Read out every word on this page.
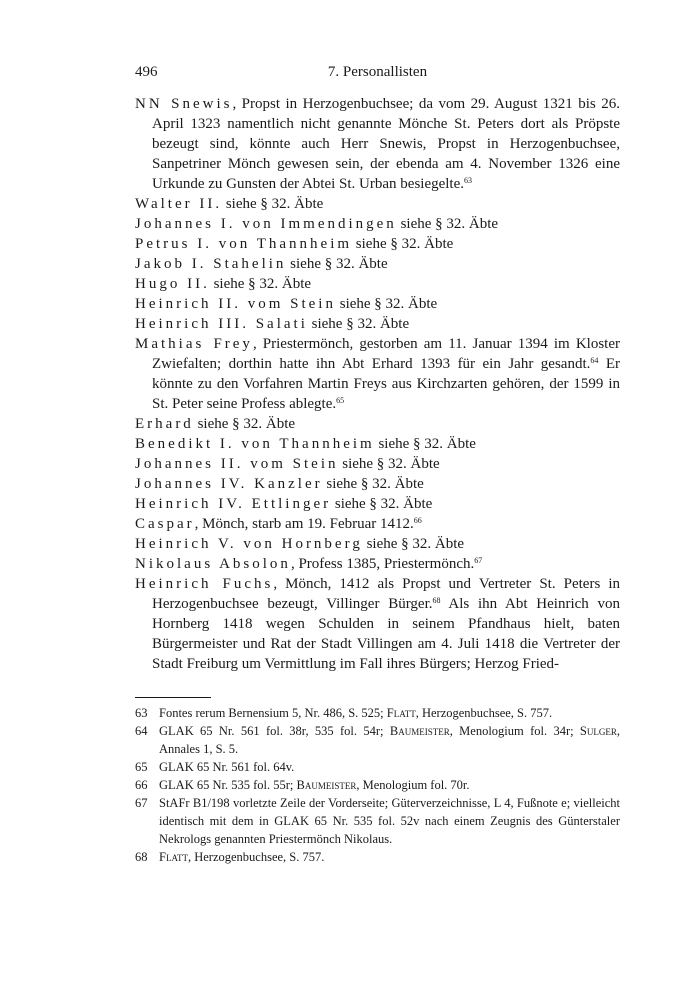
496	7. Personallisten

NN Snewis, Propst in Herzogenbuchsee; da vom 29. August 1321 bis 26. April 1323 namentlich nicht genannte Mönche St. Peters dort als Pröpste bezeugt sind, könnte auch Herr Snewis, Propst in Herzogenbuchsee, Sanpetriner Mönch gewesen sein, der ebenda am 4. November 1326 eine Urkunde zu Gunsten der Abtei St. Urban besiegelte.$^{63}$

Walter II. siehe § 32. Äbte

Johannes I. von Immendingen siehe § 32. Äbte

Petrus I. von Thannheim siehe § 32. Äbte

Jakob I. Stahelin siehe § 32. Äbte

Hugo II. siehe § 32. Äbte

Heinrich II. vom Stein siehe § 32. Äbte

Heinrich III. Salati siehe § 32. Äbte

Mathias Frey, Priestermönch, gestorben am 11. Januar 1394 im Kloster Zwiefalten; dorthin hatte ihn Abt Erhard 1393 für ein Jahr gesandt.$^{64}$ Er könnte zu den Vorfahren Martin Freys aus Kirchzarten gehören, der 1599 in St. Peter seine Profess ablegte.$^{65}$

Erhard siehe § 32. Äbte

Benedikt I. von Thannheim siehe § 32. Äbte

Johannes II. vom Stein siehe § 32. Äbte

Johannes IV. Kanzler siehe § 32. Äbte

Heinrich IV. Ettlinger siehe § 32. Äbte

Caspar, Mönch, starb am 19. Februar 1412.66

Heinrich V. von Hornberg siehe § 32. Äbte

Nikolaus Absolon, Profess 1385, Priestermönch.$^{67}$

Heinrich Fuchs, Mönch, 1412 als Propst und Vertreter St. Peters in Herzogenbuchsee bezeugt, Villinger Bürger.$^{68}$ Als ihn Abt Heinrich von Hornberg 1418 wegen Schulden in seinem Pfandhaus hielt, baten Bürgermeister und Rat der Stadt Villingen am 4. Juli 1418 die Vertreter der Stadt Freiburg um Vermittlung im Fall ihres Bürgers; Herzog Fried-

63 Fontes rerum Bernensium 5, Nr. 486, S. 525; Flatt, Herzogenbuchsee, S. 757.
64 GLAK 65 Nr. 561 fol. 38r, 535 fol. 54r; Baumeister, Menologium fol. 34r; Sulger, Annales 1, S. 5.
65 GLAK 65 Nr. 561 fol. 64v.
66 GLAK 65 Nr. 535 fol. 55r; Baumeister, Menologium fol. 70r.
67 StAFr B1/198 vorletzte Zeile der Vorderseite; Güterverzeichnisse, L 4, Fußnote e; vielleicht identisch mit dem in GLAK 65 Nr. 535 fol. 52v nach einem Zeugnis des Günterstaler Nekrologs genannten Priestermönch Nikolaus.
68 Flatt, Herzogenbuchsee, S. 757.
